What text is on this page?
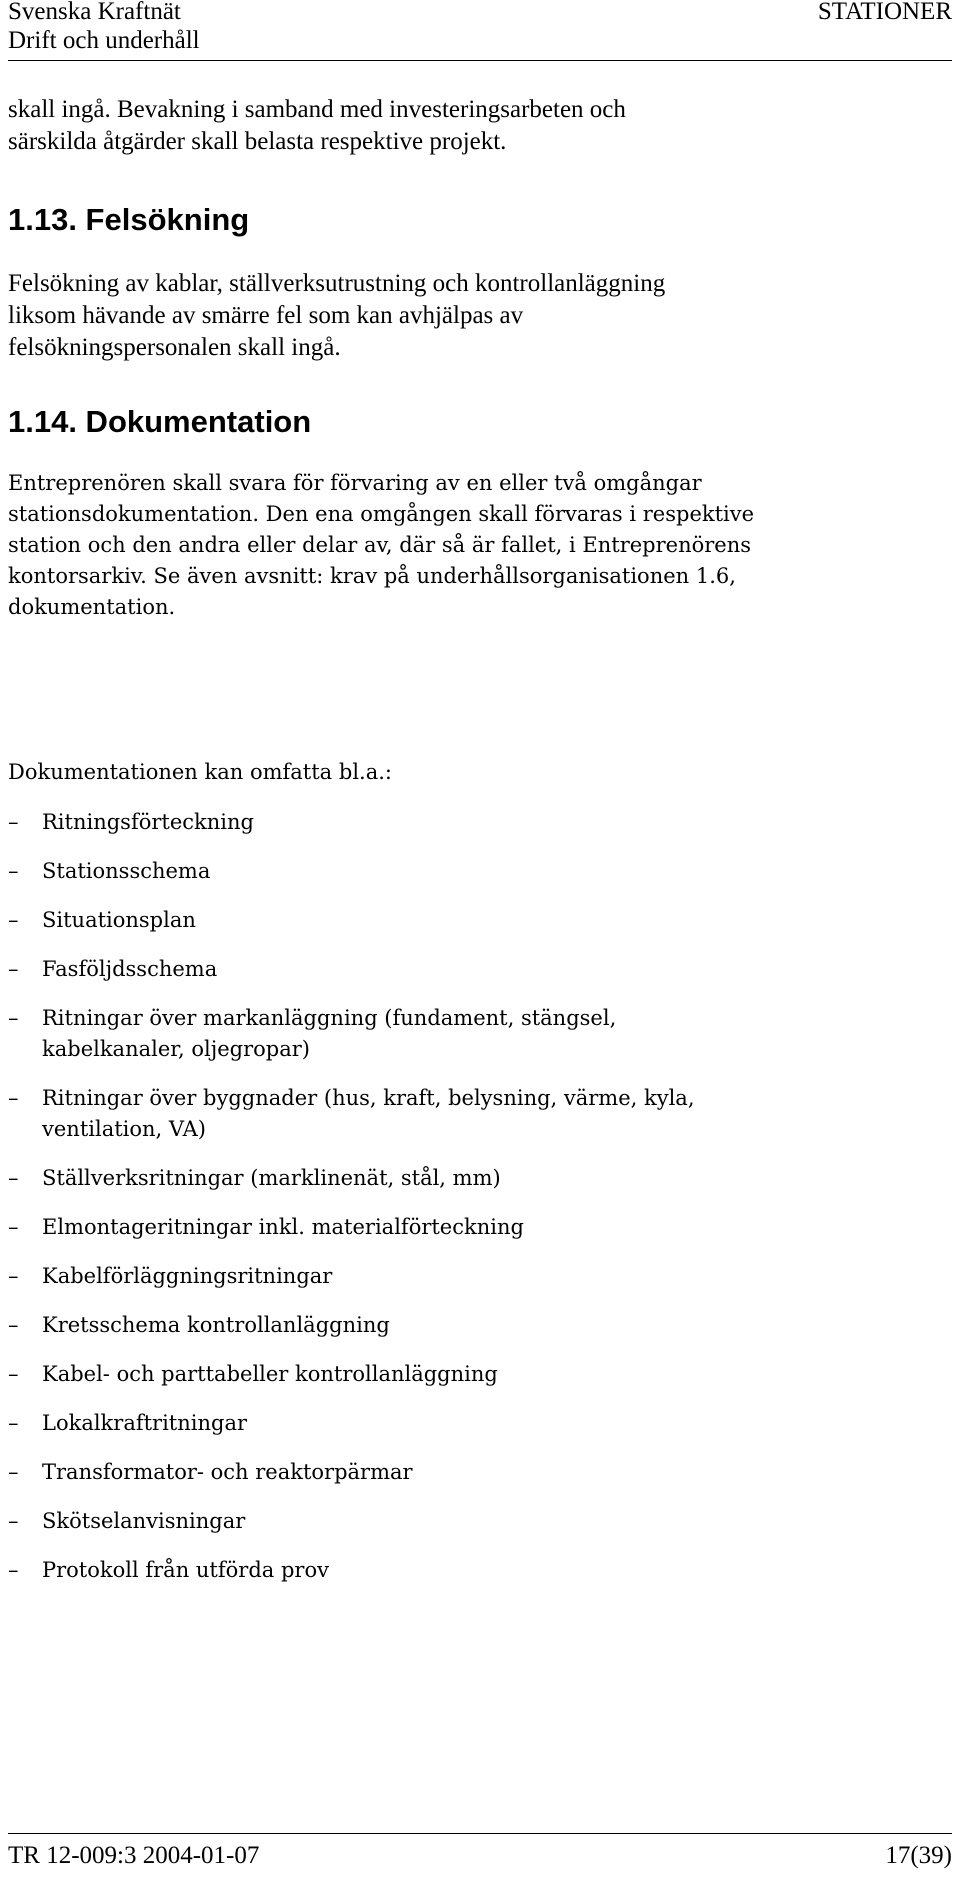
Svenska Kraftnät
Drift och underhåll
STATIONER
skall ingå. Bevakning i samband med investeringsarbeten och
särskilda åtgärder skall belasta respektive projekt.
1.13. Felsökning
Felsökning av kablar, ställverksutrustning och kontrollanläggning
liksom hävande av smärre fel som kan avhjälpas av
felsökningspersonalen skall ingå.
1.14. Dokumentation
Entreprenören skall svara för förvaring av en eller två omgångar
stationsdokumentation. Den ena omgången skall förvaras i respektive
station och den andra eller delar av, där så är fallet, i Entreprenörens
kontorsarkiv. Se även avsnitt: krav på underhållsorganisationen 1.6,
dokumentation.
Dokumentationen kan omfatta bl.a.:
– Ritningsförteckning
– Stationsschema
– Situationsplan
– Fasföljdsschema
– Ritningar över markanläggning (fundament, stängsel,
kabelkanaler, oljegropar)
– Ritningar över byggnader (hus, kraft, belysning, värme, kyla,
ventilation, VA)
– Ställverksritningar (marklinenät, stål, mm)
– Elmontageritningar inkl. materialförteckning
– Kabelförläggningsritningar
– Kretsschema kontrollanläggning
– Kabel- och parttabeller kontrollanläggning
– Lokalkraftritningar
– Transformator- och reaktorpärmar
– Skötselanvisningar
– Protokoll från utförda prov
TR 12-009:3 2004-01-07	17(39)
